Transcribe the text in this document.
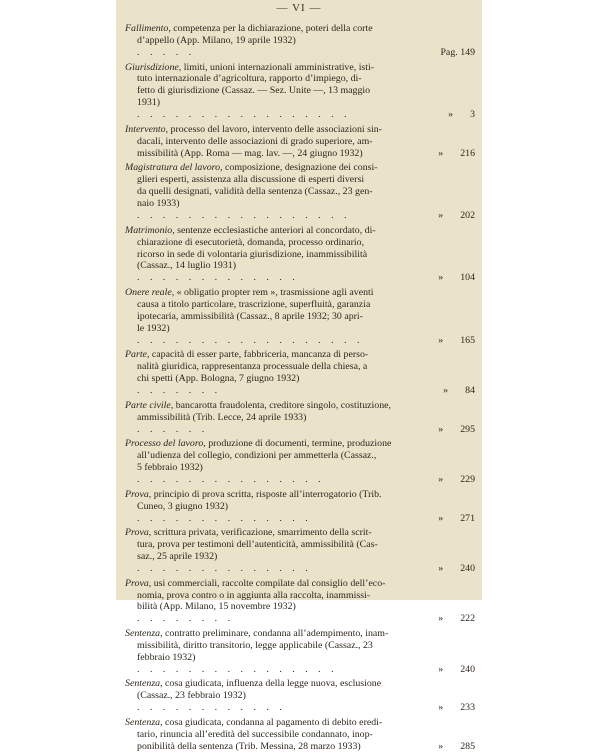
— VI —
Fallimento, competenza per la dichiarazione, poteri della corte
d’appello (App. Milano, 19 aprile 1932)
. . . . .	Pag. 149
Giurisdizione, limiti, unioni internazionali amministrative, isti-
tuto internazionale d’agricoltura, rapporto d’impiego, di-
fetto di giurisdizione (Cassaz. — Sez. Unite —, 13 maggio
1931)
. . . . . . . . . . . . . . . . .	» 3
Intervento, processo del lavoro, intervento delle associazioni sin-
dacali, intervento delle associazioni di grado superiore, am-
missibilità (App. Roma — mag. lav. —, 24 giugno 1932)	» 216
Magistratura del lavoro, composizione, designazione dei consi-
glieri esperti, assistenza alla discussione di esperti diversi
da quelli designati, validità della sentenza (Cassaz., 23 gen-
naio 1933)
. . . . . . . . . . . . . . . . .	» 202
Matrimonio, sentenze ecclesiastiche anteriori al concordato, di-
chiarazione di esecutorietà, domanda, processo ordinario,
ricorso in sede di volontaria giurisdizione, inammissibilità
(Cassaz., 14 luglio 1931)
. . . . . . . . . . . . .	» 104
Onere reale, « obligatio propter rem », trasmissione agli aventi
causa a titolo particolare, trascrizione, superfluità, garanzia
ipotecaria, ammissibilità (Cassaz., 8 aprile 1932; 30 apri-
le 1932)
. . . . . . . . . . . . . . . . . .	» 165
Parte, capacità di esser parte, fabbriceria, mancanza di perso-
nalità giuridica, rappresentanza processuale della chiesa, a
chi spetti (App. Bologna, 7 giugno 1932)
. . . . . . .	» 84
Parte civile, bancarotta fraudolenta, creditore singolo, costituzione,
ammissibilità (Trib. Lecce, 24 aprile 1933)
. . . . . .	» 295
Processo del lavoro, produzione di documenti, termine, produzione
all’udienza del collegio, condizioni per ammetterla (Cassaz.,
5 febbraio 1932)
. . . . . . . . . . . . . . .	» 229
Prova, principio di prova scritta, risposte all’interrogatorio (Trib.
Cuneo, 3 giugno 1932)
. . . . . . . . . . . . . .	» 271
Prova, scrittura privata, verificazione, smarrimento della scrit-
tura, prova per testimoni dell’autenticità, ammissibilità (Cas-
saz., 25 aprile 1932)
. . . . . . . . . . . . . .	» 240
Prova, usi commerciali, raccolte compilate dal consiglio dell’eco-
nomia, prova contro o in aggiunta alla raccolta, inammissi-
bilità (App. Milano, 15 novembre 1932)
. . . . . . . .	» 222
Sentenza, contratto preliminare, condanna all’adempimento, inam-
missibilità, diritto transitorio, legge applicabile (Cassaz., 23
febbraio 1932)
. . . . . . . . . . . . . . . .	» 240
Sentenza, cosa giudicata, influenza della legge nuova, esclusione
(Cassaz., 23 febbraio 1932)
. . . . . . . . . . . .	» 233
Sentenza, cosa giudicata, condanna al pagamento di debito eredi-
tario, rinuncia all’eredità del successibile condannato, inop-
ponibilità della sentenza (Trib. Messina, 28 marzo 1933)	» 285
